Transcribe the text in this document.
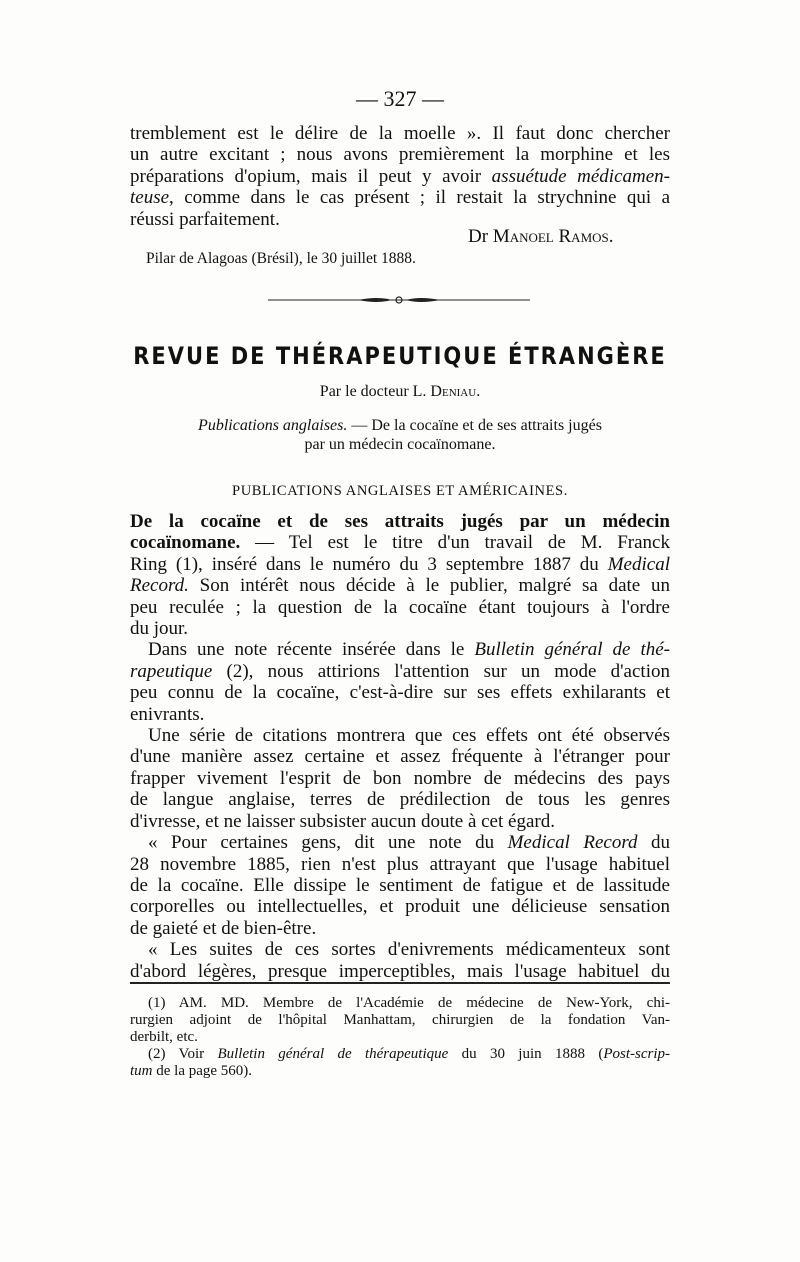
— 327 —
tremblement est le délire de la moelle ». Il faut donc chercher
un autre excitant ; nous avons premièrement la morphine et les
préparations d'opium, mais il peut y avoir assuétude médicamen-
teuse, comme dans le cas présent ; il restait la strychnine qui a
réussi parfaitement.
Dr Manoel Ramos.
Pilar de Alagoas (Brésil), le 30 juillet 1888.
REVUE DE THÉRAPEUTIQUE ÉTRANGÈRE
Par le docteur L. Deniau.
Publications anglaises. — De la cocaïne et de ses attraits jugés
par un médecin cocaïnomane.
PUBLICATIONS ANGLAISES ET AMÉRICAINES.
De la cocaïne et de ses attraits jugés par un médecin
cocaïnomane. — Tel est le titre d'un travail de M. Franck
Ring (1), inséré dans le numéro du 3 septembre 1887 du Medical
Record. Son intérêt nous décide à le publier, malgré sa date un
peu reculée ; la question de la cocaïne étant toujours à l'ordre
du jour.
Dans une note récente insérée dans le Bulletin général de thé-
rapeutique (2), nous attirions l'attention sur un mode d'action
peu connu de la cocaïne, c'est-à-dire sur ses effets exhilarants et
enivrants.
Une série de citations montrera que ces effets ont été observés
d'une manière assez certaine et assez fréquente à l'étranger pour
frapper vivement l'esprit de bon nombre de médecins des pays
de langue anglaise, terres de prédilection de tous les genres
d'ivresse, et ne laisser subsister aucun doute à cet égard.
« Pour certaines gens, dit une note du Medical Record du
28 novembre 1885, rien n'est plus attrayant que l'usage habituel
de la cocaïne. Elle dissipe le sentiment de fatigue et de lassitude
corporelles ou intellectuelles, et produit une délicieuse sensation
de gaieté et de bien-être.
« Les suites de ces sortes d'enivrements médicamenteux sont
d'abord légères, presque imperceptibles, mais l'usage habituel du
(1) AM. MD. Membre de l'Académie de médecine de New-York, chi-
rurgien adjoint de l'hôpital Manhattam, chirurgien de la fondation Van-
derbilt, etc.
(2) Voir Bulletin général de thérapeutique du 30 juin 1888 (Post-scrip-
tum de la page 560).
